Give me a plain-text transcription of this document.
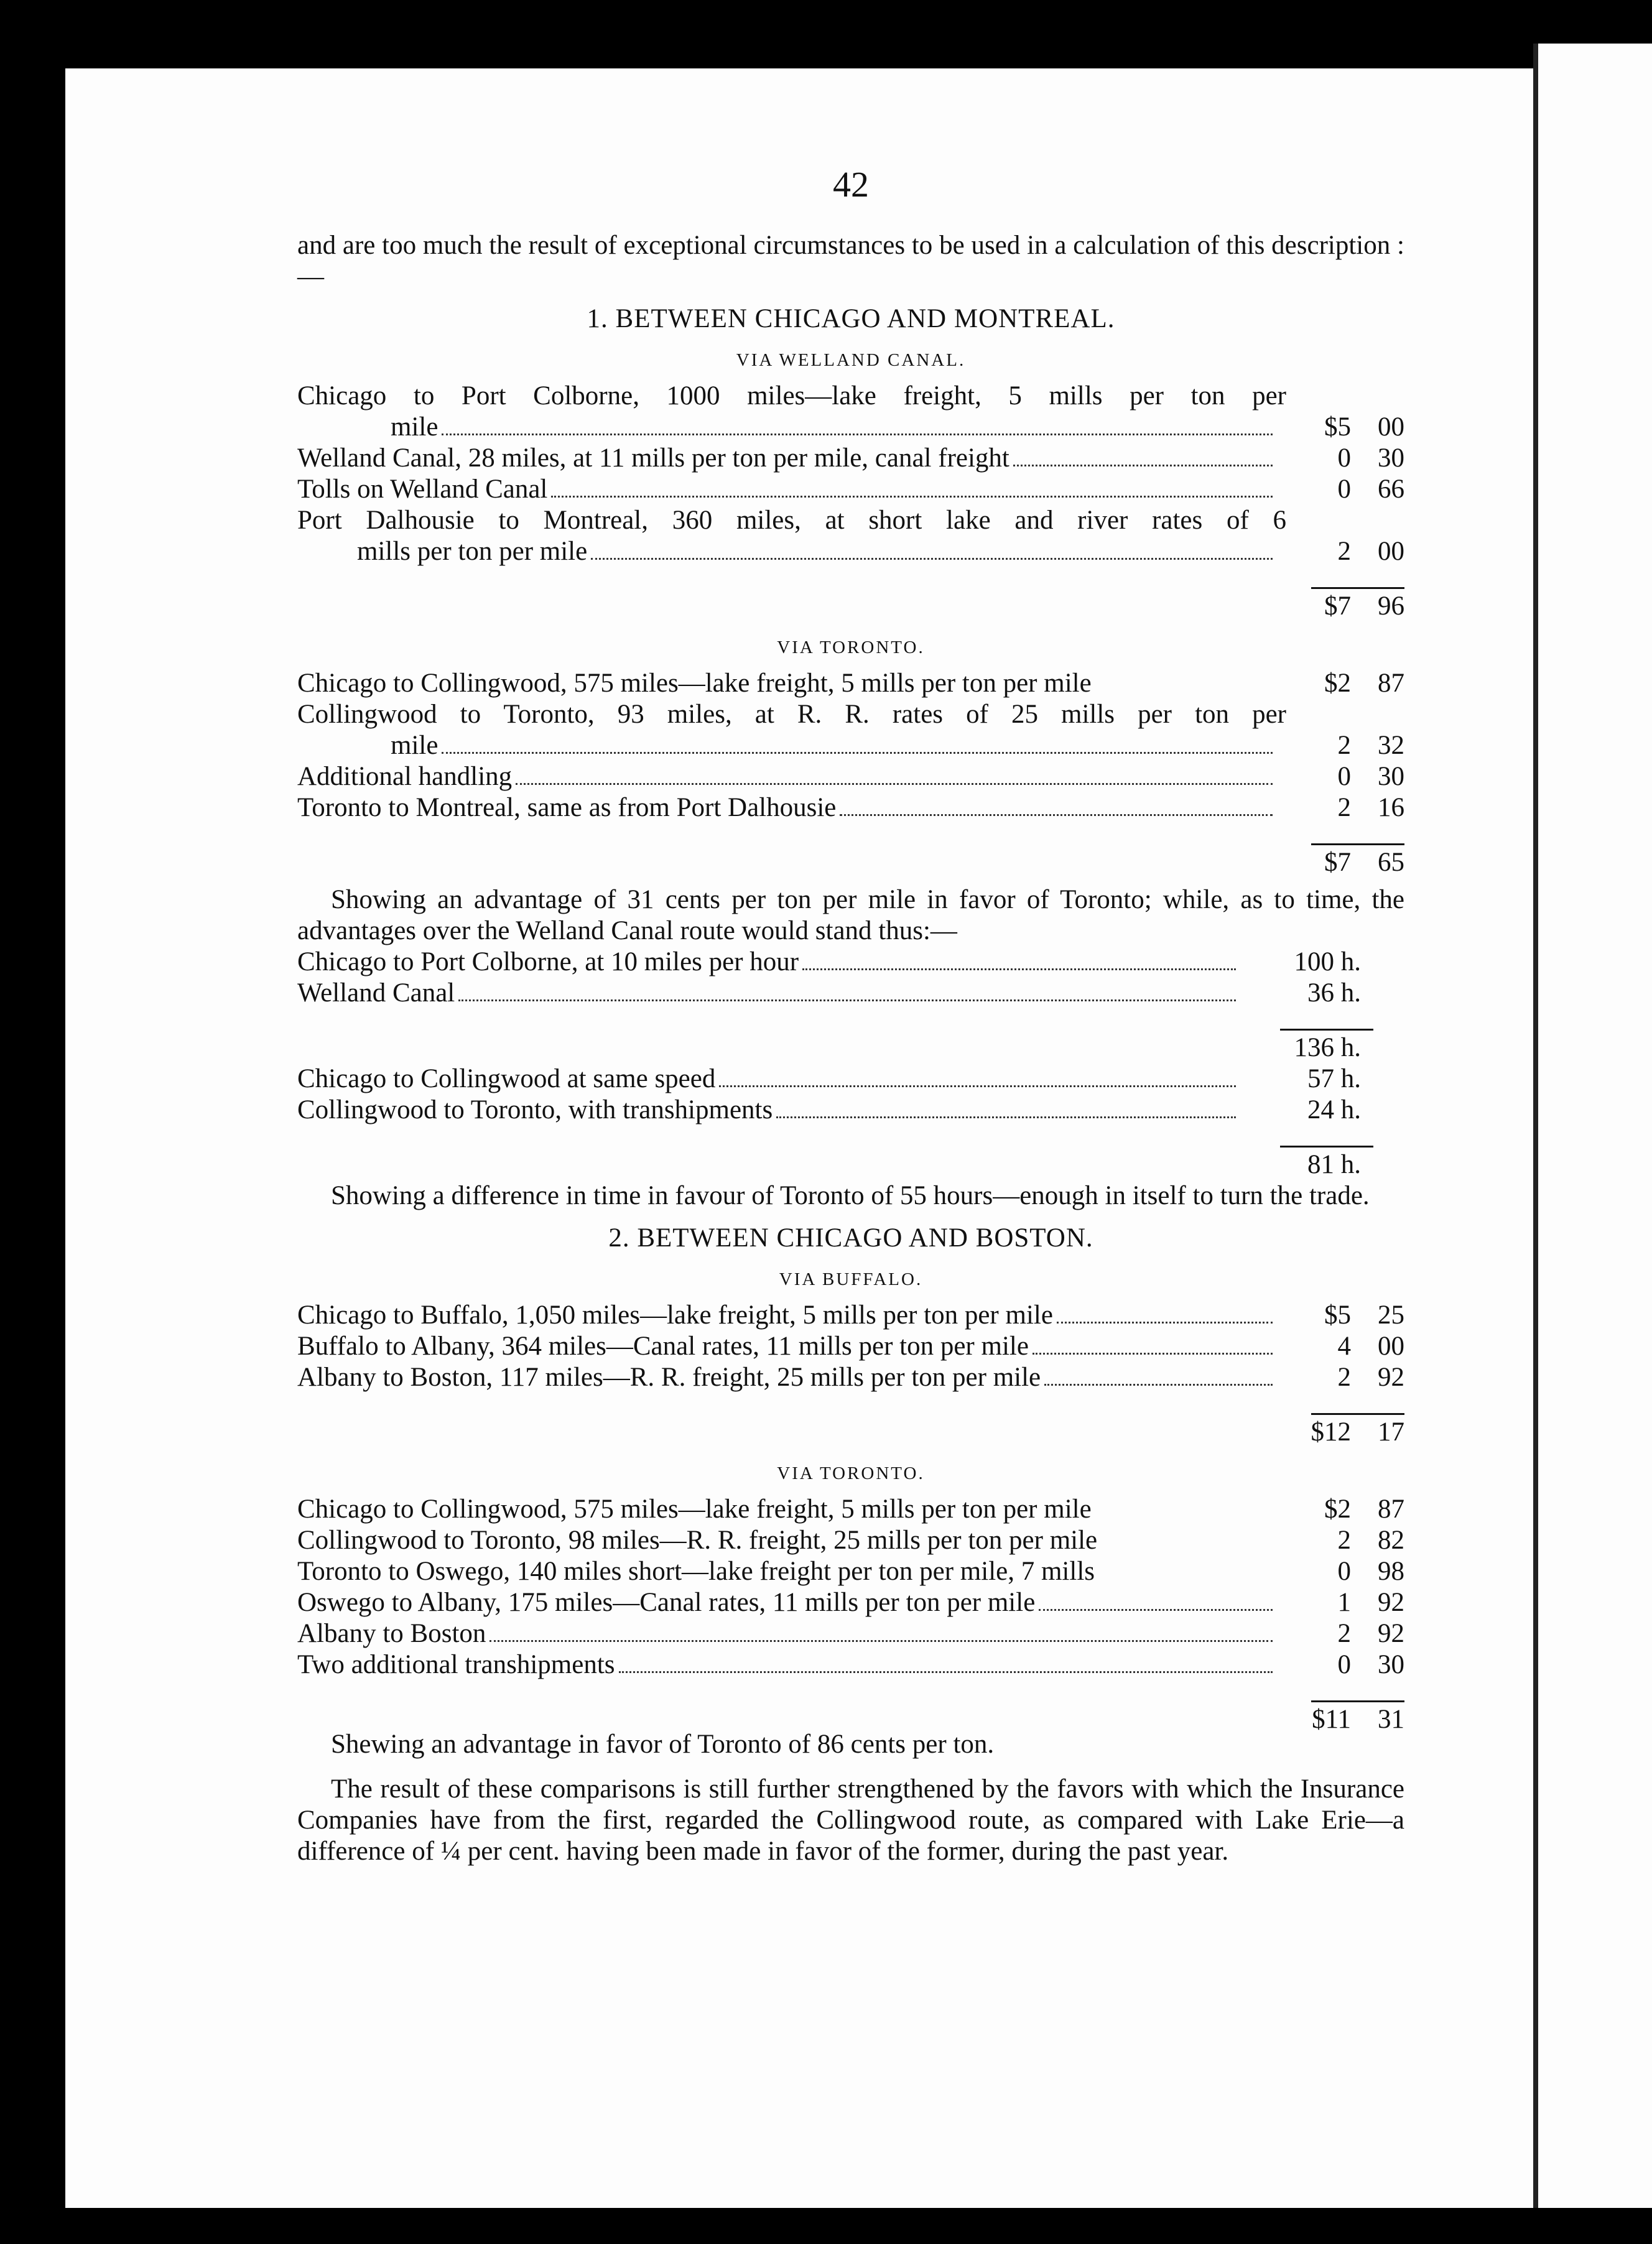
42
and are too much the result of exceptional circumstances to be used in a calculation of this description :—
1. BETWEEN CHICAGO AND MONTREAL.
VIA WELLAND CANAL.
Chicago to Port Colborne, 1000 miles—lake freight, 5 mills per ton per
mile	$5	00
Welland Canal, 28 miles, at 11 mills per ton per mile, canal freight	0	30
Tolls on Welland Canal	0	66
Port Dalhousie to Montreal, 360 miles, at short lake and river rates of 6
mills per ton per mile	2	00
$7	96
VIA TORONTO.
Chicago to Collingwood, 575 miles—lake freight, 5 mills per ton per mile	$2	87
Collingwood to Toronto, 93 miles, at R. R. rates of 25 mills per ton per
mile	2	32
Additional handling	0	30
Toronto to Montreal, same as from Port Dalhousie	2	16
$7	65
Showing an advantage of 31 cents per ton per mile in favor of Toronto; while, as to time, the advantages over the Welland Canal route would stand thus:—
Chicago to Port Colborne, at 10 miles per hour	100 h.
Welland Canal	36 h.
136 h.
Chicago to Collingwood at same speed	57 h.
Collingwood to Toronto, with transhipments	24 h.
81 h.
Showing a difference in time in favour of Toronto of 55 hours—enough in itself to turn the trade.
2. BETWEEN CHICAGO AND BOSTON.
VIA BUFFALO.
Chicago to Buffalo, 1,050 miles—lake freight, 5 mills per ton per mile	$5	25
Buffalo to Albany, 364 miles—Canal rates, 11 mills per ton per mile	4	00
Albany to Boston, 117 miles—R. R. freight, 25 mills per ton per mile	2	92
$12	17
VIA TORONTO.
Chicago to Collingwood, 575 miles—lake freight, 5 mills per ton per mile	$2	87
Collingwood to Toronto, 98 miles—R. R. freight, 25 mills per ton per mile	2	82
Toronto to Oswego, 140 miles short—lake freight per ton per mile, 7 mills	0	98
Oswego to Albany, 175 miles—Canal rates, 11 mills per ton per mile	1	92
Albany to Boston	2	92
Two additional transhipments	0	30
$11	31
Shewing an advantage in favor of Toronto of 86 cents per ton.
The result of these comparisons is still further strengthened by the favors with which the Insurance Companies have from the first, regarded the Collingwood route, as compared with Lake Erie—a difference of ¼ per cent. having been made in favor of the former, during the past year.
